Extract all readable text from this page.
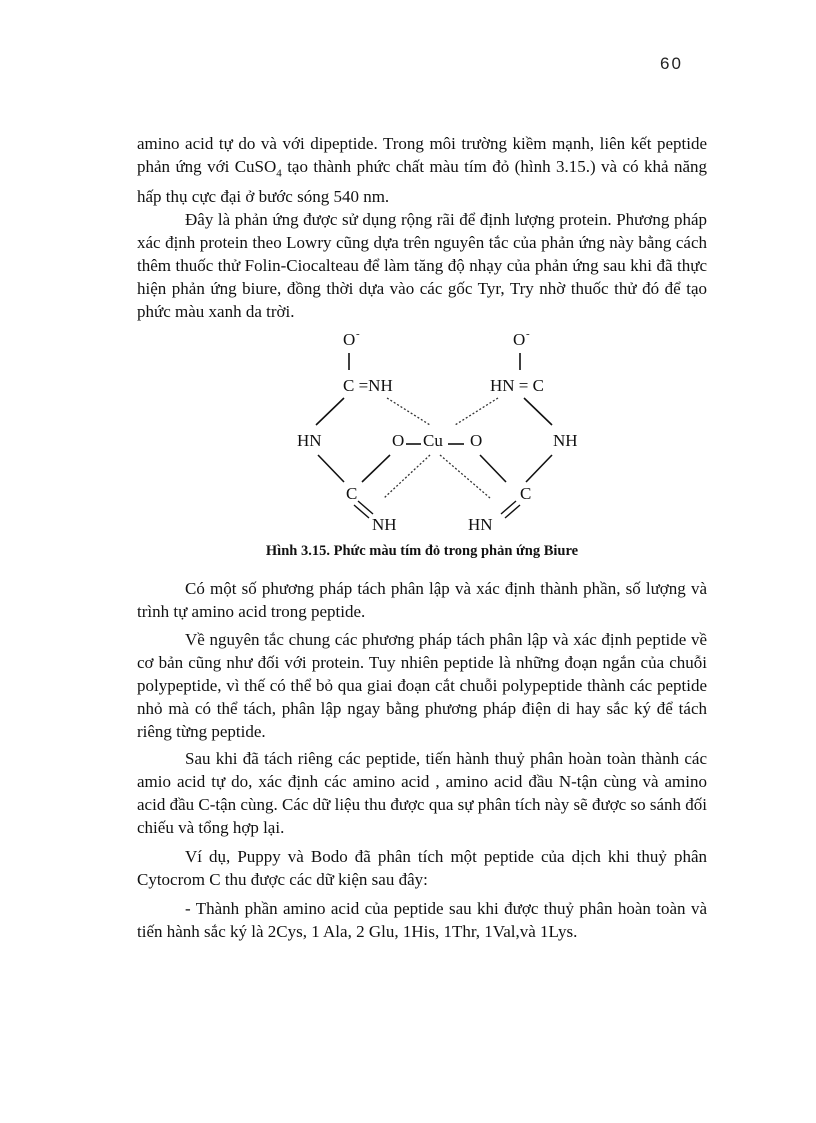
60

amino acid tự do và với dipeptide. Trong môi trường kiềm mạnh, liên kết peptide phản ứng với CuSO$_4$ tạo thành phức chất màu tím đỏ (hình 3.15.) và có khả năng hấp thụ cực đại ở bước sóng 540 nm.

Đây là phản ứng được sử dụng rộng rãi để định lượng protein. Phương pháp xác định protein theo Lowry cũng dựa trên nguyên tắc của phản ứng này bằng cách thêm thuốc thử Folin-Ciocalteau để làm tăng độ nhạy của phản ứng sau khi đã thực hiện phản ứng biure, đồng thời dựa vào các gốc Tyr, Try nhờ thuốc thử đó để tạo phức màu xanh da trời.

O -	O -
C =NH	HN = C
HN	O Cu O	NH
C	C
NH	HN

Hình 3.15. Phức màu tím đỏ trong phản ứng Biure

Có một số phương pháp tách phân lập và xác định thành phần, số lượng và trình tự amino acid trong peptide.

Về nguyên tắc chung các phương pháp tách phân lập và xác định peptide về cơ bản cũng như đối với protein. Tuy nhiên peptide là những đoạn ngắn của chuỗi polypeptide, vì thế có thể bỏ qua giai đoạn cắt chuỗi polypeptide thành các peptide nhỏ mà có thể tách, phân lập ngay bằng phương pháp điện di hay sắc ký để tách riêng từng peptide.

Sau khi đã tách riêng các peptide, tiến hành thuỷ phân hoàn toàn thành các amio acid tự do, xác định các amino acid , amino acid đầu N-tận cùng và amino acid đầu C-tận cùng. Các dữ liệu thu được qua sự phân tích này sẽ được so sánh đối chiếu và tổng hợp lại.

Ví dụ, Puppy và Bodo đã phân tích một peptide của dịch khi thuỷ phân Cytocrom C thu được các dữ kiện sau đây:

- Thành phần amino acid của peptide sau khi được thuỷ phân hoàn toàn và tiến hành sắc ký là 2Cys, 1 Ala, 2 Glu, 1His, 1Thr, 1Val,và 1Lys.
